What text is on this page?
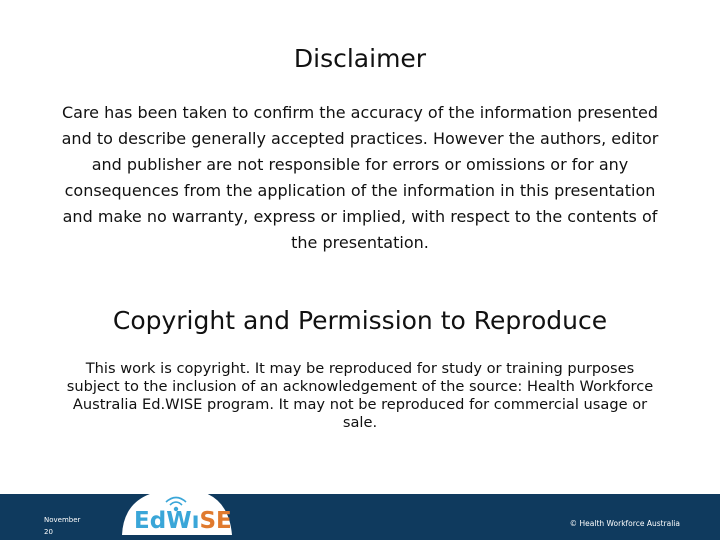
Disclaimer

Care has been taken to confirm the accuracy of the information presented and to describe generally accepted practices. However the authors, editor and publisher are not responsible for errors or omissions or for any consequences from the application of the information in this presentation and make no warranty, express or implied, with respect to the contents of the presentation.

Copyright and Permission to Reproduce

This work is copyright. It may be reproduced for study or training purposes subject to the inclusion of an acknowledgement of the source: Health Workforce Australia Ed.WISE program. It may not be reproduced for commercial usage or sale.

November
20
© Health Workforce Australia
EdWıSE
